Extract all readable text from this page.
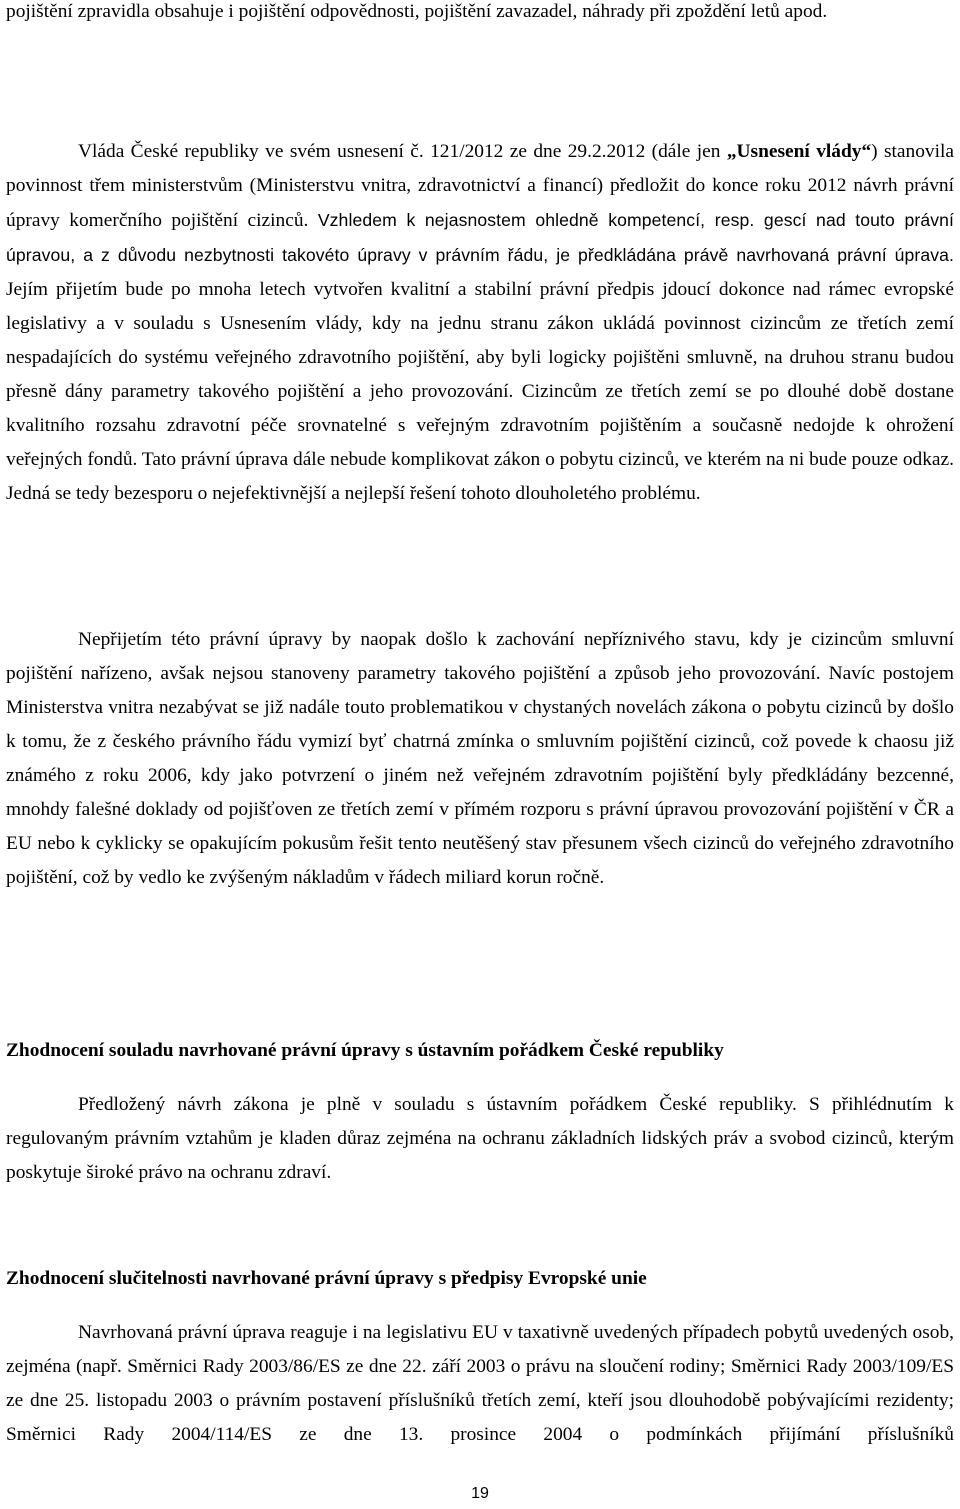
pojištění zpravidla obsahuje i pojištění odpovědnosti, pojištění zavazadel, náhrady při zpoždění letů apod.

Vláda České republiky ve svém usnesení č. 121/2012 ze dne 29.2.2012 (dále jen „Usnesení vlády“) stanovila povinnost třem ministerstvům (Ministerstvu vnitra, zdravotnictví a financí) předložit do konce roku 2012 návrh právní úpravy komerčního pojištění cizinců. Vzhledem k nejasnostem ohledně kompetencí, resp. gescí nad touto právní úpravou, a z důvodu nezbytnosti takovéto úpravy v právním řádu, je předkládána právě navrhovaná právní úprava. Jejím přijetím bude po mnoha letech vytvořen kvalitní a stabilní právní předpis jdoucí dokonce nad rámec evropské legislativy a v souladu s Usnesením vlády, kdy na jednu stranu zákon ukládá povinnost cizincům ze třetích zemí nespadajících do systému veřejného zdravotního pojištění, aby byli logicky pojištěni smluvně, na druhou stranu budou přesně dány parametry takového pojištění a jeho provozování. Cizincům ze třetích zemí se po dlouhé době dostane kvalitního rozsahu zdravotní péče srovnatelné s veřejným zdravotním pojištěním a současně nedojde k ohrožení veřejných fondů. Tato právní úprava dále nebude komplikovat zákon o pobytu cizinců, ve kterém na ni bude pouze odkaz. Jedná se tedy bezesporu o nejefektivnější a nejlepší řešení tohoto dlouholetého problému.

Nepřijetím této právní úpravy by naopak došlo k zachování nepříznivého stavu, kdy je cizincům smluvní pojištění nařízeno, avšak nejsou stanoveny parametry takového pojištění a způsob jeho provozování. Navíc postojem Ministerstva vnitra nezabývat se již nadále touto problematikou v chystaných novelách zákona o pobytu cizinců by došlo k tomu, že z českého právního řádu vymizí byť chatrná zmínka o smluvním pojištění cizinců, což povede k chaosu již známého z roku 2006, kdy jako potvrzení o jiném než veřejném zdravotním pojištění byly předkládány bezcenné, mnohdy falešné doklady od pojišťoven ze třetích zemí v přímém rozporu s právní úpravou provozování pojištění v ČR a EU nebo k cyklicky se opakujícím pokusům řešit tento neutěšený stav přesunem všech cizinců do veřejného zdravotního pojištění, což by vedlo ke zvýšeným nákladům v řádech miliard korun ročně.

Zhodnocení souladu navrhované právní úpravy s ústavním pořádkem České republiky

Předložený návrh zákona je plně v souladu s ústavním pořádkem České republiky. S přihlédnutím k regulovaným právním vztahům je kladen důraz zejména na ochranu základních lidských práv a svobod cizinců, kterým poskytuje široké právo na ochranu zdraví.

Zhodnocení slučitelnosti navrhované právní úpravy s předpisy Evropské unie

Navrhovaná právní úprava reaguje i na legislativu EU v taxativně uvedených případech pobytů uvedených osob, zejména (např. Směrnici Rady 2003/86/ES ze dne 22. září 2003 o právu na sloučení rodiny; Směrnici Rady 2003/109/ES ze dne 25. listopadu 2003 o právním postavení příslušníků třetích zemí, kteří jsou dlouhodobě pobývajícími rezidenty; Směrnici Rady 2004/114/ES ze dne 13. prosince 2004 o podmínkách přijímání příslušníků

19
